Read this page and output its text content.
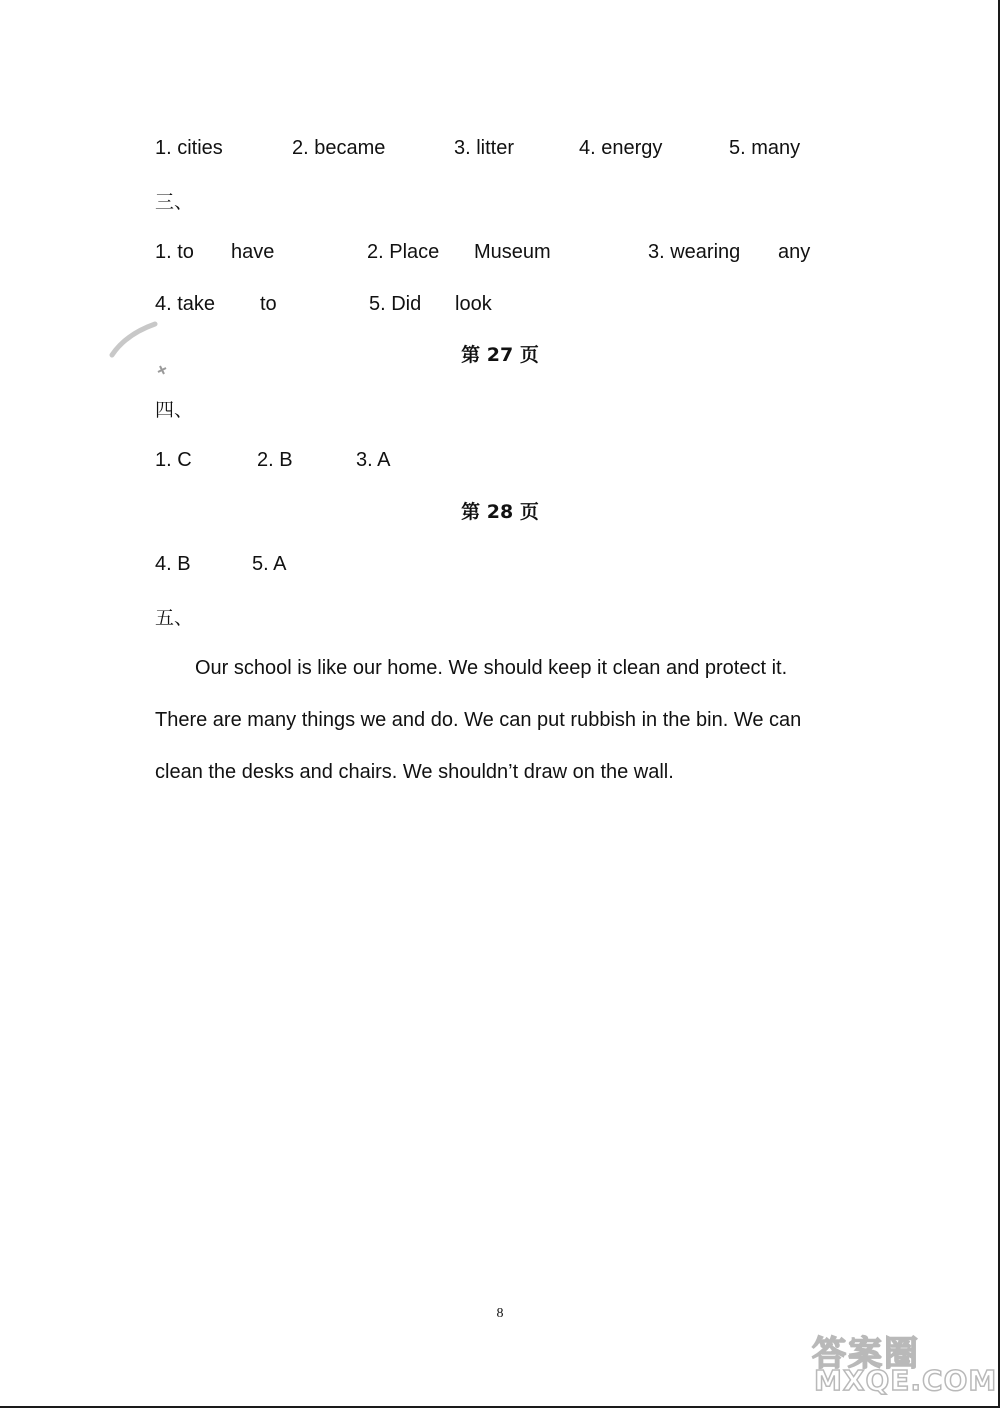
1. cities	2. became	3. litter	4. energy	5. many
三、
1. to have	2. Place Museum	3. wearing any
4. take to	5. Did look
第 27 页
四、
1. C	2. B	3. A
第 28 页
4. B	5. A
五、
Our school is like our home. We should keep it clean and protect it.
There are many things we and do. We can put rubbish in the bin. We can
clean the desks and chairs. We shouldn’t draw on the wall.
8
答案圈
MXQE.COM
